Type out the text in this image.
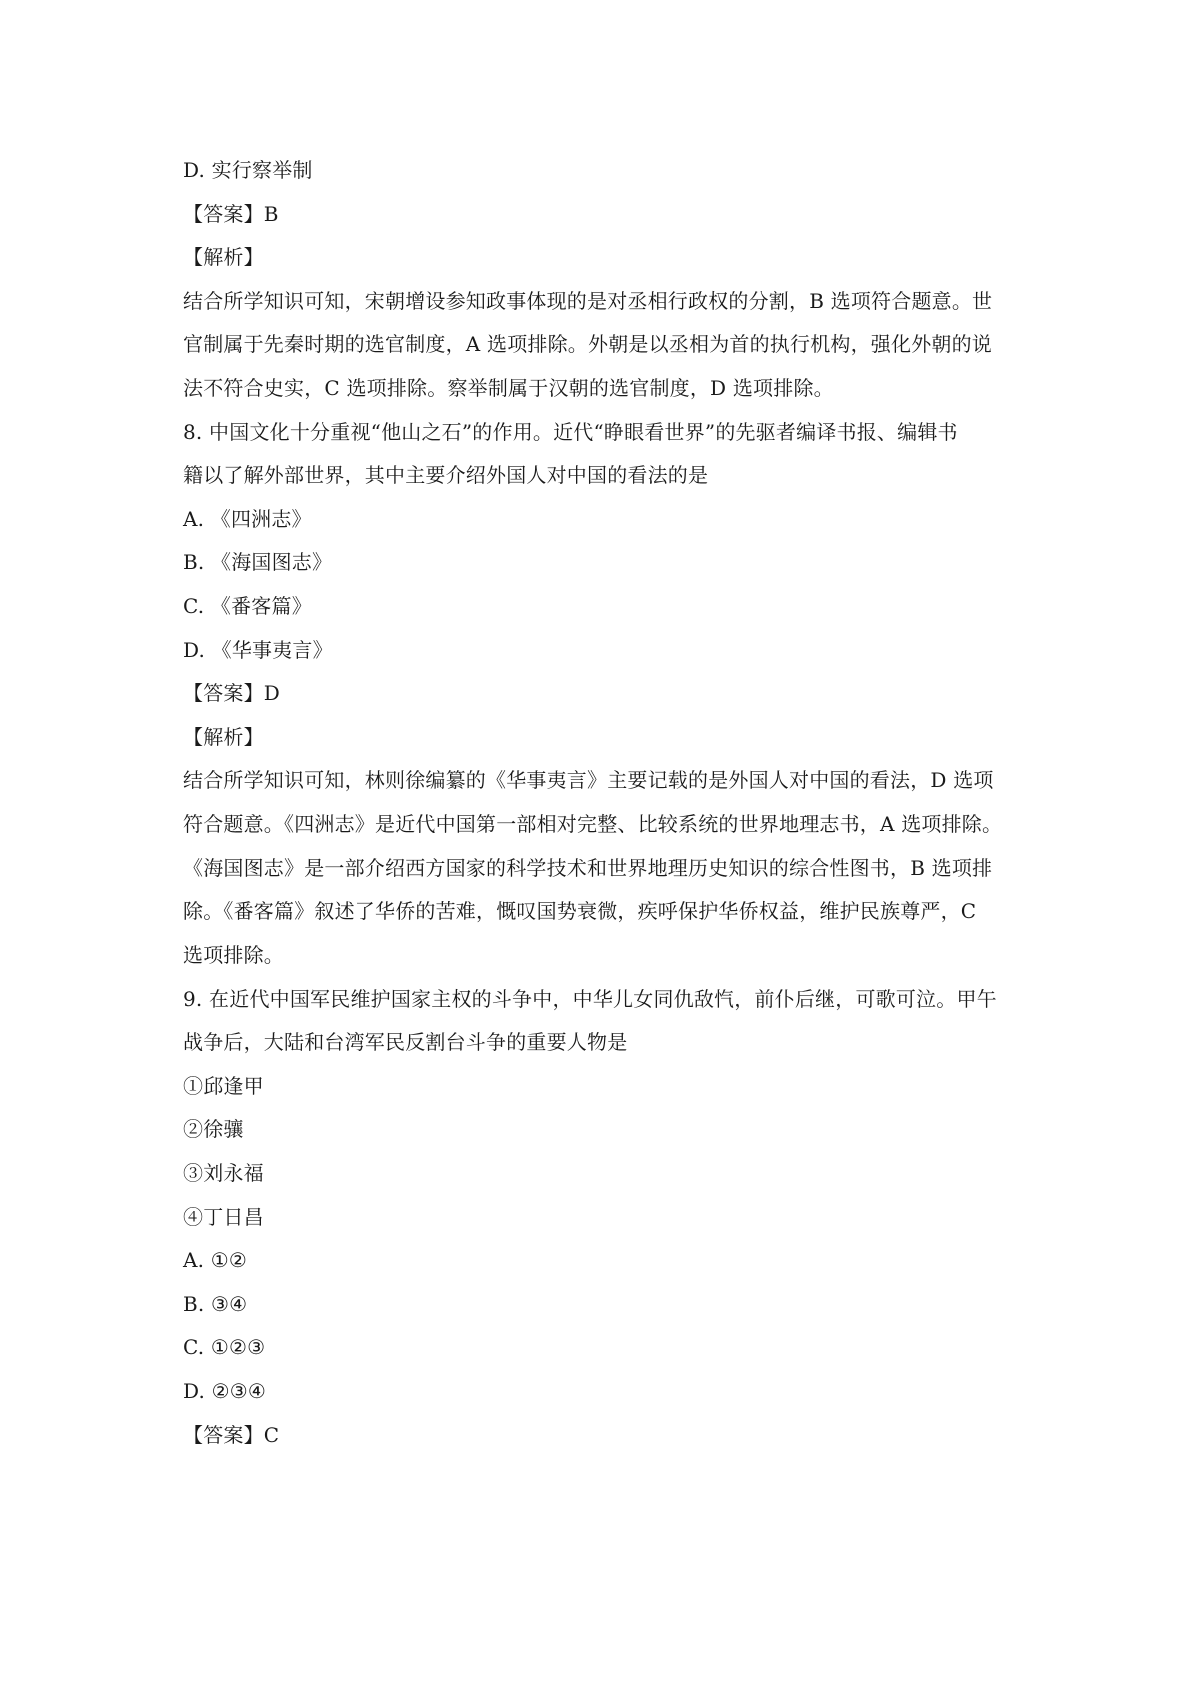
D. 实行察举制
【答案】B
【解析】
结合所学知识可知，宋朝增设参知政事体现的是对丞相行政权的分割，B 选项符合题意。世
官制属于先秦时期的选官制度，A 选项排除。外朝是以丞相为首的执行机构，强化外朝的说
法不符合史实，C 选项排除。察举制属于汉朝的选官制度，D 选项排除。
8. 中国文化十分重视“他山之石”的作用。近代“睁眼看世界”的先驱者编译书报、编辑书
籍以了解外部世界，其中主要介绍外国人对中国的看法的是
A. 《四洲志》
B. 《海国图志》
C. 《番客篇》
D. 《华事夷言》
【答案】D
【解析】
结合所学知识可知，林则徐编纂的《华事夷言》主要记载的是外国人对中国的看法，D 选项
符合题意。《四洲志》是近代中国第一部相对完整、比较系统的世界地理志书，A 选项排除。
《海国图志》是一部介绍西方国家的科学技术和世界地理历史知识的综合性图书，B 选项排
除。《番客篇》叙述了华侨的苦难，慨叹国势衰微，疾呼保护华侨权益，维护民族尊严，C
选项排除。
9. 在近代中国军民维护国家主权的斗争中，中华儿女同仇敌忾，前仆后继，可歌可泣。甲午
战争后，大陆和台湾军民反割台斗争的重要人物是
①邱逢甲
②徐骧
③刘永福
④丁日昌
A. ①②
B. ③④
C. ①②③
D. ②③④
【答案】C
